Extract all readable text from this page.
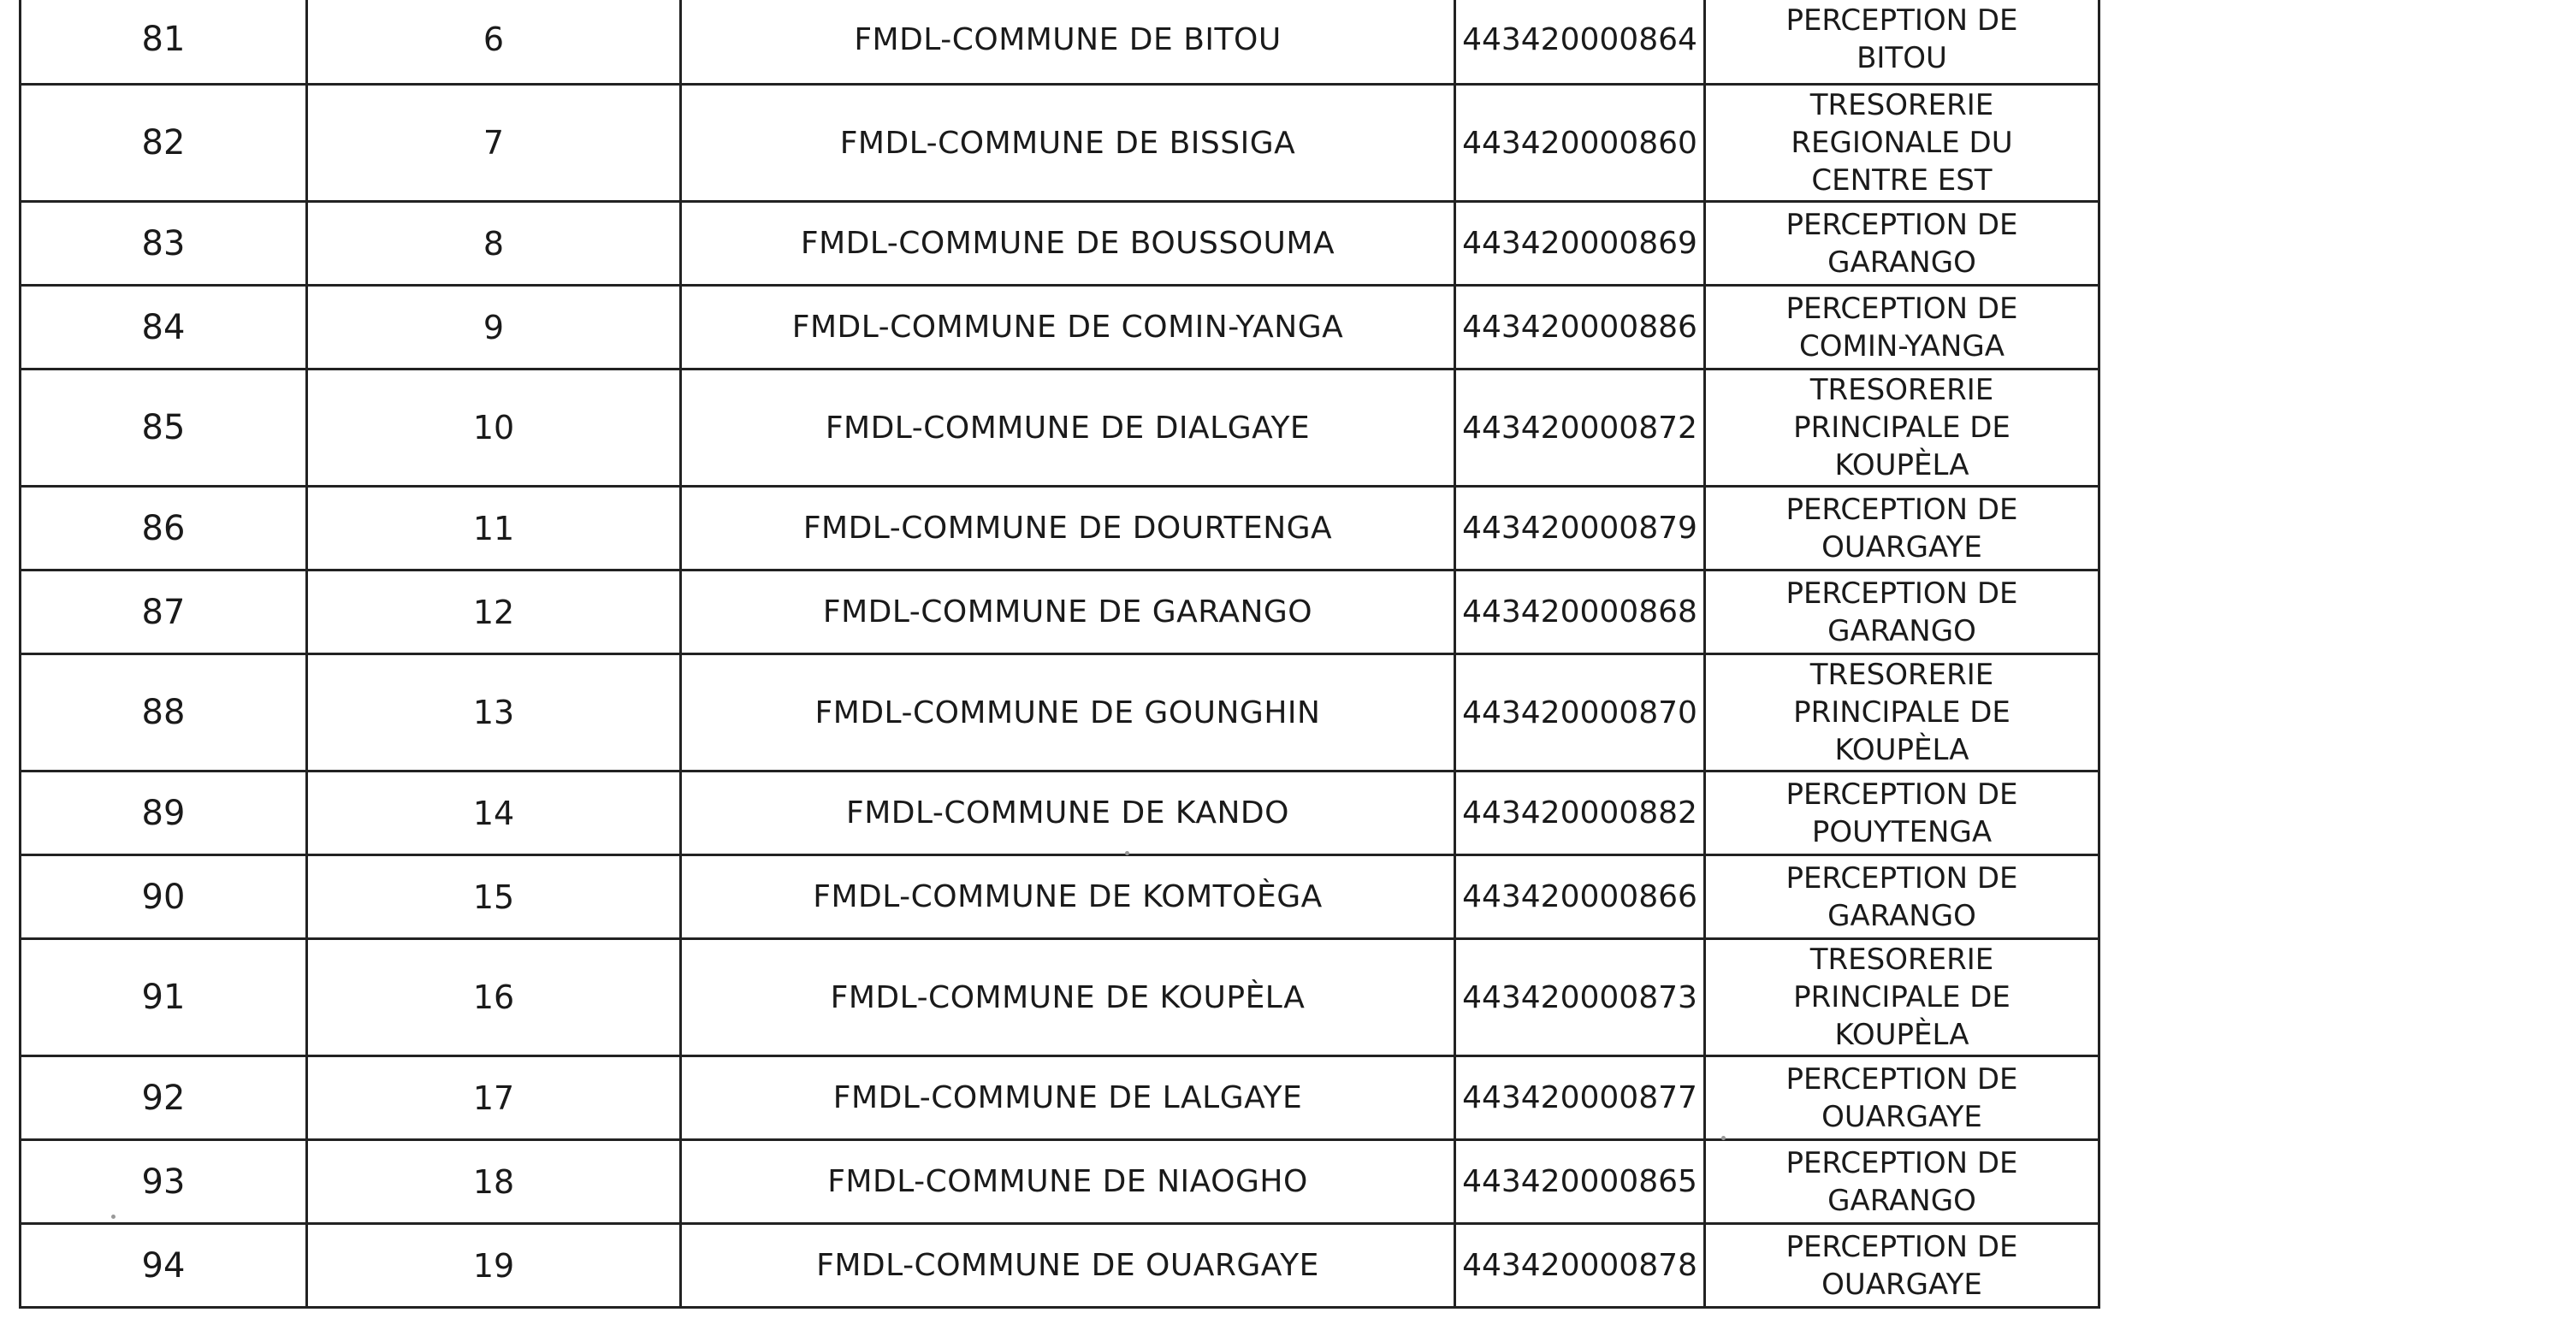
81	6	FMDL-COMMUNE DE BITOU	443420000864	PERCEPTION DE
BITOU

82	7	FMDL-COMMUNE DE BISSIGA	443420000860	TRESORERIE
REGIONALE DU
CENTRE EST

83	8	FMDL-COMMUNE DE BOUSSOUMA	443420000869	PERCEPTION DE
GARANGO

84	9	FMDL-COMMUNE DE COMIN-YANGA	443420000886	PERCEPTION DE
COMIN-YANGA

85	10	FMDL-COMMUNE DE DIALGAYE	443420000872	TRESORERIE
PRINCIPALE DE
KOUPÈLA

86	11	FMDL-COMMUNE DE DOURTENGA	443420000879	PERCEPTION DE
OUARGAYE

87	12	FMDL-COMMUNE DE GARANGO	443420000868	PERCEPTION DE
GARANGO

88	13	FMDL-COMMUNE DE GOUNGHIN	443420000870	TRESORERIE
PRINCIPALE DE
KOUPÈLA

89	14	FMDL-COMMUNE DE KANDO	443420000882	PERCEPTION DE
POUYTENGA

90	15	FMDL-COMMUNE DE KOMTOÈGA	443420000866	PERCEPTION DE
GARANGO

91	16	FMDL-COMMUNE DE KOUPÈLA	443420000873	TRESORERIE
PRINCIPALE DE
KOUPÈLA

92	17	FMDL-COMMUNE DE LALGAYE	443420000877	PERCEPTION DE
OUARGAYE

93	18	FMDL-COMMUNE DE NIAOGHO	443420000865	PERCEPTION DE
GARANGO

94	19	FMDL-COMMUNE DE OUARGAYE	443420000878	PERCEPTION DE
OUARGAYE
